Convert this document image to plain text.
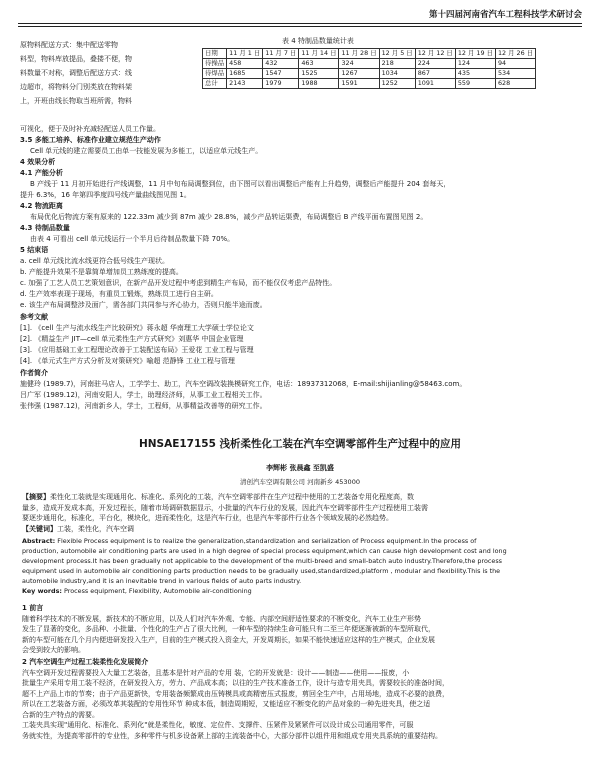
第十四届河南省汽车工程科技学术研讨会
原物料配送方式：集中配送零物
料型，物料库放提品，叠搂不便，物
料数量不对称，调整后配送方式：线
边超市，将物料分门别类放在物料架
上，开班由线长物取当班所需，物料
表 4 特制品数量统计表
日期	11 月 1 日	11 月 7 日	11 月 14 日	11 月 28 日	12 月 5 日	12 月 12 日	12 月 19 日	12 月 26 日
待操品	458	432	463	324	218	224	124	94
待焊品	1685	1547	1525	1267	1034	867	435	534
总计	2143	1979	1988	1591	1252	1091	559	628
可视化，便于及时补充减轻配送人员工作量。
3.5 多能工培养、标准作业建立规范生产动作
Cell 单元线的建立需要员工由单一技能发展为多能工，以适应单元线生产。
4 效果分析
4.1 产能分析
B 产线于 11 月初开始进行产线调整，11 月中旬布局调整到位，由下图可以看出调整后产能有上升趋势，调整后产能提升 204 套每天，
提升 6.3%，16 年第四季度四号线产量曲线图见图 1。
4.2 物流距离
布局优化后物流方案有原来的 122.33m 减少到 87m 减少 28.8%，减少产品转运渠费，布局调整后 B 产线平面布置图见图 2。
4.3 待制品数量
由表 4 可看出 cell 单元线运行一个半月后待制品数量下降 70%。
5 结束语
a. cell 单元线比流水线更符合低号线生产现状。
b. 产能提升效果不是靠简单增加员工熟练度的提高。
c. 加强了工艺人员工艺策划意识，在新产品开发过程中考虑到精生产布局，而不能仅仅考虑产品特性。
d. 生产效率表现于现场，有重员工锻炼，熟练员工进行自主研。
e. 该生产布局调整涉及面广，需各部门共同参与齐心协力，否则只能半途而废。
参考文献
[1]. 《cell 生产与流水线生产比较研究》蒋永超 华南理工大学硕士学位论文
[2]. 《精益生产 JIT—cell 单元柔性生产方式研究》刘惠华 中国企业管理
[3]. 《应用基础工业工程理论改善于工装配送布局》王爱花 工业工程与管理
[4]. 《单元式生产方式分析及对策研究》喻超 范静锋 工业工程与管理
作者简介
施健玲 (1989.7)，河南驻马店人，工学学士、助工，汽车空调改装换模研究工作，电话：18937312068，E-mail:shijianling@58463.com。
吕广军 (1989.12)，河南安阳人，学士，助理经济师，从事工业工程相关工作。
张伟强 (1987.12)，河南新乡人，学士，工程师，从事精益改善等的研究工作。
HNSAE17155 浅析柔性化工装在汽车空调零部件生产过程中的应用
李辉彬 张晨鑫 至凯盛
清创汽车空调有限公司 河南新乡 453000
【摘要】柔性化工装就是实现通用化、标准化、系列化的工装，汽车空调零部件在生产过程中使用的工艺装备专用化程度高，数
量多，造成开发成本高，开发过程长，随着市场调研数据显示，小批量的汽车行业的发展，因此汽车空调零部件生产过程使用工装需
要逐步通用化，标准化，平台化，模块化，进而柔性化，这是汽车行业，也是汽车零部件行业各个领域发展的必然趋势。
【关键词】工装，柔性化，汽车空调
Abstract: Flexible Process equipment is to realize the generalization,standardization and serialization of Process equipment.In the process of
production, automobile air conditioning parts are used in a high degree of special process equipment,which can cause high development cost and long
development process.It has been gradually not applicable to the development of the multi-breed and small-batch auto industry.Therefore,the process
equipment used in automobile air conditioning parts production needs to be gradually used,standardized,platform , modular and flexibility.This is the
automobile industry,and it is an inevitable trend in various fields of auto parts industry.
Key words: Process equipment, Flexibility, Automobile air-conditioning
1 前言
随着科学技术的不断发展，新技术的不断应用，以及人们对汽车外观、专能、内部空间舒适性要求的不断变化，汽车工业生产形势
发生了显著的变化，多品种、小批量、个性化的生产占了很大比例，一种车型的持续生命可能只有二至三年便逐渐被新的车型所取代，
新的车型可能在几个月内便进研发投入生产，目前的生产模式投入资金大，开发周期长，如果不能快速适应这样的生产模式，企业发展
会受到较大的影响。
2 汽车空调生产过程工装柔性化发展简介
汽车空调开发过程需要投入大量工艺装备，且基本是针对产品的专用 装，它的开发就是：设计——制造——使用——报废，小
批量生产采用专用工装不经济，在研发投入方，劳力、产品成本高；以往的生产技术准备工作，设计与造专用夹具，需要较长的准备时间，
超不上产品上市的节奏；由于产品更新快，专用装备频繁成由压铸模具或高精密压式报废，剪回全生产中，占用场地，造成不必要的浪费，
所以在工艺装备方面，必须改革其装配的专用性环节 种成本低，制造周期短，又能适应不断变化的产品对象的一种先进夹具，使之适
合新的生产特点的需要。
工装夹具实现"通用化、标准化、系列化"就是柔性化，敏度、定位件、支撑件、压紧件及紧紧件可以设计成公司通用零件，可服
务就实性，为提高零部件的专业性，多种零件与机多设备紧上部的主流装备中心，大部分部件以组件用和组成专用夹具系统的重要结构。
